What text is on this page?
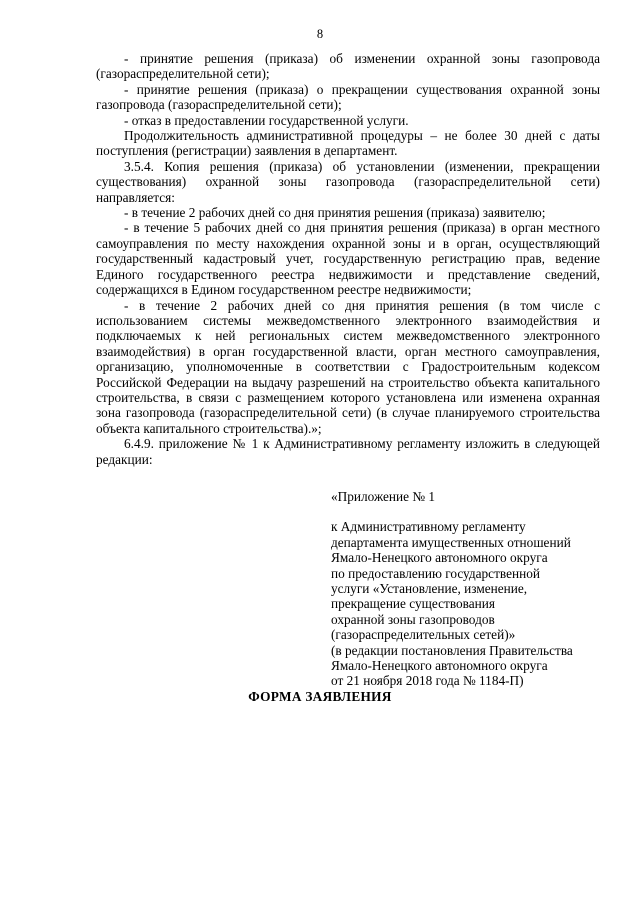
8

- принятие решения (приказа) об изменении охранной зоны газопровода (газораспределительной сети);

- принятие решения (приказа) о прекращении существования охранной зоны газопровода (газораспределительной сети);

- отказ в предоставлении государственной услуги.

Продолжительность административной процедуры – не более 30 дней с даты поступления (регистрации) заявления в департамент.

3.5.4. Копия решения (приказа) об установлении (изменении, прекращении существования) охранной зоны газопровода (газораспределительной сети) направляется:

- в течение 2 рабочих дней со дня принятия решения (приказа) заявителю;

- в течение 5 рабочих дней со дня принятия решения (приказа) в орган местного самоуправления по месту нахождения охранной зоны и в орган, осуществляющий государственный кадастровый учет, государственную регистрацию прав, ведение Единого государственного реестра недвижимости и представление сведений, содержащихся в Едином государственном реестре недвижимости;

- в течение 2 рабочих дней со дня принятия решения (в том числе с использованием системы межведомственного электронного взаимодействия и подключаемых к ней региональных систем межведомственного электронного взаимодействия) в орган государственной власти, орган местного самоуправления, организацию, уполномоченные в соответствии с Градостроительным кодексом Российской Федерации на выдачу разрешений на строительство объекта капитального строительства, в связи с размещением которого установлена или изменена охранная зона газопровода (газораспределительной сети) (в случае планируемого строительства объекта капитального строительства).»;

6.4.9. приложение № 1 к Административному регламенту изложить в следующей редакции:

«Приложение № 1

к Административному регламенту

департамента имущественных отношений

Ямало-Ненецкого автономного округа

по предоставлению государственной

услуги «Установление, изменение,

прекращение существования

охранной зоны газопроводов

(газораспределительных сетей)»

(в редакции постановления Правительства

Ямало-Ненецкого автономного округа

от 21 ноября 2018 года № 1184-П)

ФОРМА ЗАЯВЛЕНИЯ
